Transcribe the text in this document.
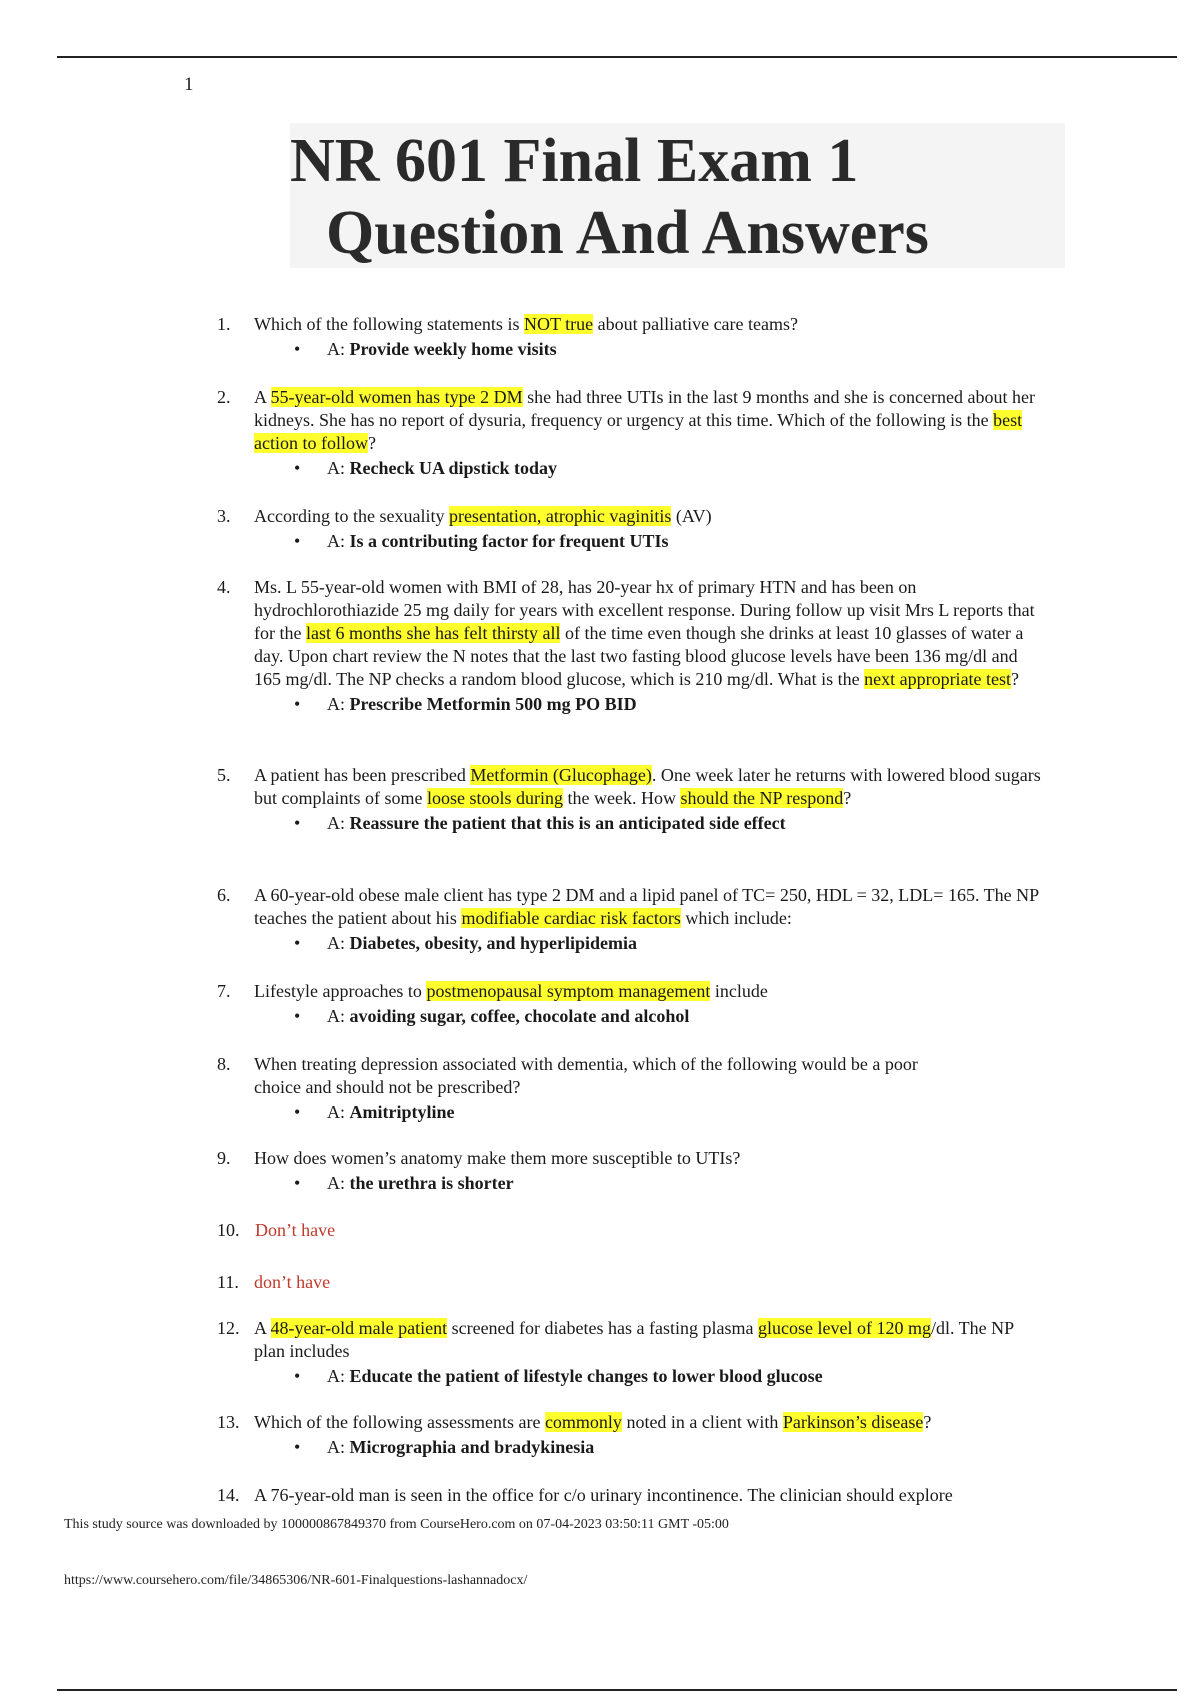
1
NR 601 Final Exam 1
Question And Answers
1. Which of the following statements is NOT true about palliative care teams?
• A: Provide weekly home visits
2. A 55-year-old women has type 2 DM she had three UTIs in the last 9 months and she is concerned about her kidneys. She has no report of dysuria, frequency or urgency at this time. Which of the following is the best action to follow?
• A: Recheck UA dipstick today
3. According to the sexuality presentation, atrophic vaginitis (AV)
• A: Is a contributing factor for frequent UTIs
4. Ms. L 55-year-old women with BMI of 28, has 20-year hx of primary HTN and has been on hydrochlorothiazide 25 mg daily for years with excellent response. During follow up visit Mrs L reports that for the last 6 months she has felt thirsty all of the time even though she drinks at least 10 glasses of water a day. Upon chart review the N notes that the last two fasting blood glucose levels have been 136 mg/dl and 165 mg/dl. The NP checks a random blood glucose, which is 210 mg/dl. What is the next appropriate test?
• A: Prescribe Metformin 500 mg PO BID
5. A patient has been prescribed Metformin (Glucophage). One week later he returns with lowered blood sugars but complaints of some loose stools during the week. How should the NP respond?
• A: Reassure the patient that this is an anticipated side effect
6. A 60-year-old obese male client has type 2 DM and a lipid panel of TC= 250, HDL = 32, LDL= 165. The NP teaches the patient about his modifiable cardiac risk factors which include:
• A: Diabetes, obesity, and hyperlipidemia
7. Lifestyle approaches to postmenopausal symptom management include
• A: avoiding sugar, coffee, chocolate and alcohol
8. When treating depression associated with dementia, which of the following would be a poor choice and should not be prescribed?
• A: Amitriptyline
9. How does women’s anatomy make them more susceptible to UTIs?
• A: the urethra is shorter
10. Don’t have
11. don’t have
12. A 48-year-old male patient screened for diabetes has a fasting plasma glucose level of 120 mg/dl. The NP plan includes
• A: Educate the patient of lifestyle changes to lower blood glucose
13. Which of the following assessments are commonly noted in a client with Parkinson’s disease?
• A: Micrographia and bradykinesia
14. A 76-year-old man is seen in the office for c/o urinary incontinence. The clinician should explore
This study source was downloaded by 100000867849370 from CourseHero.com on 07-04-2023 03:50:11 GMT -05:00
https://www.coursehero.com/file/34865306/NR-601-Finalquestions-lashannadocx/
